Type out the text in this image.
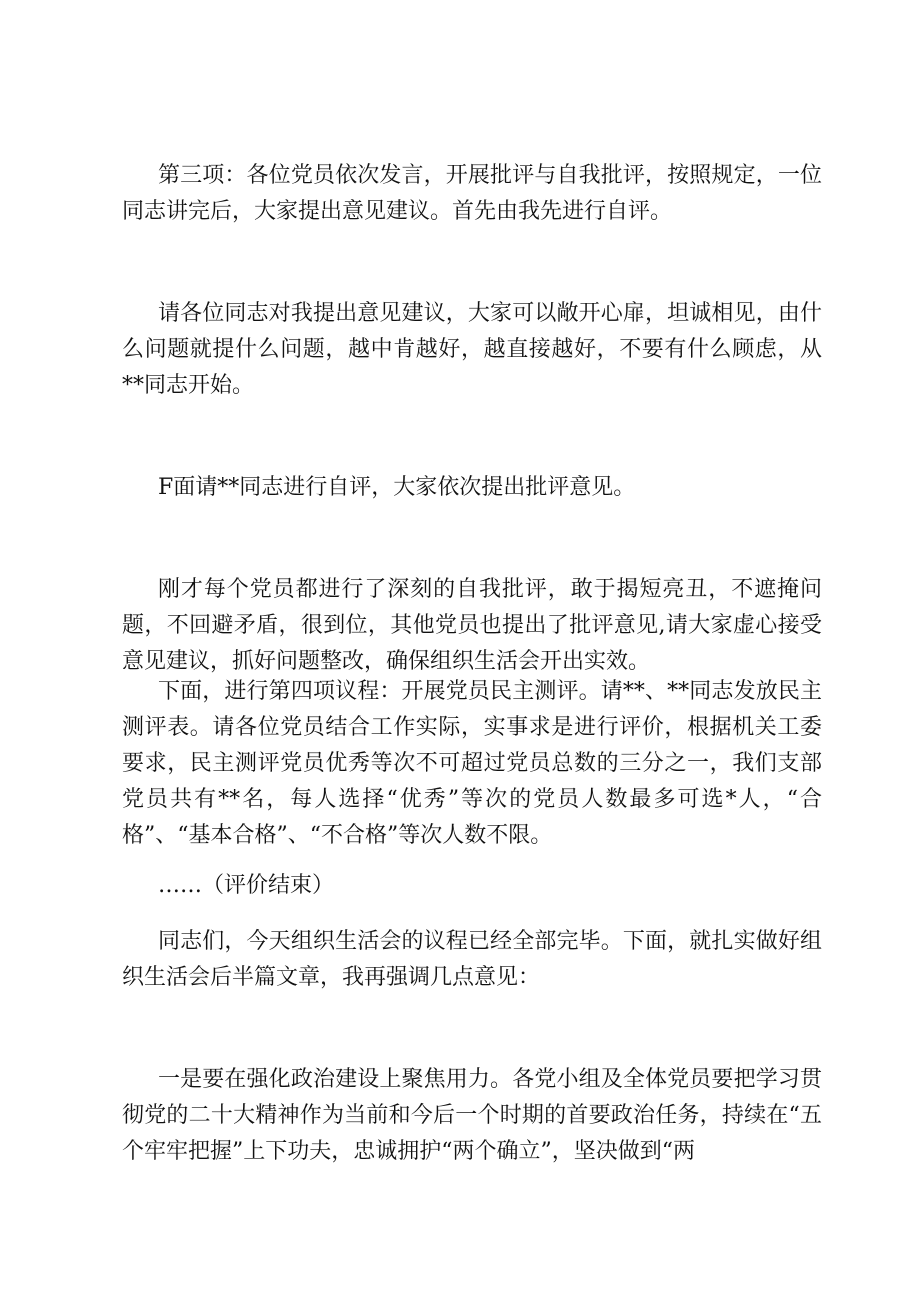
第三项：各位党员依次发言，开展批评与自我批评，按照规定，一位同志讲完后，大家提出意见建议。首先由我先进行自评。

请各位同志对我提出意见建议，大家可以敞开心扉，坦诚相见，由什么问题就提什么问题，越中肯越好，越直接越好，不要有什么顾虑，从**同志开始。

F面请**同志进行自评，大家依次提出批评意见。

刚才每个党员都进行了深刻的自我批评，敢于揭短亮丑，不遮掩问题，不回避矛盾，很到位，其他党员也提出了批评意见,请大家虚心接受意见建议，抓好问题整改，确保组织生活会开出实效。

下面，进行第四项议程：开展党员民主测评。请**、**同志发放民主测评表。请各位党员结合工作实际，实事求是进行评价，根据机关工委要求，民主测评党员优秀等次不可超过党员总数的三分之一，我们支部党员共有**名，每人选择“优秀”等次的党员人数最多可选*人，“合格”、“基本合格”、“不合格”等次人数不限。

……（评价结束）

同志们，今天组织生活会的议程已经全部完毕。下面，就扎实做好组织生活会后半篇文章，我再强调几点意见：

一是要在强化政治建设上聚焦用力。各党小组及全体党员要把学习贯彻党的二十大精神作为当前和今后一个时期的首要政治任务，持续在“五个牢牢把握”上下功夫，忠诚拥护“两个确立”，坚决做到“两
